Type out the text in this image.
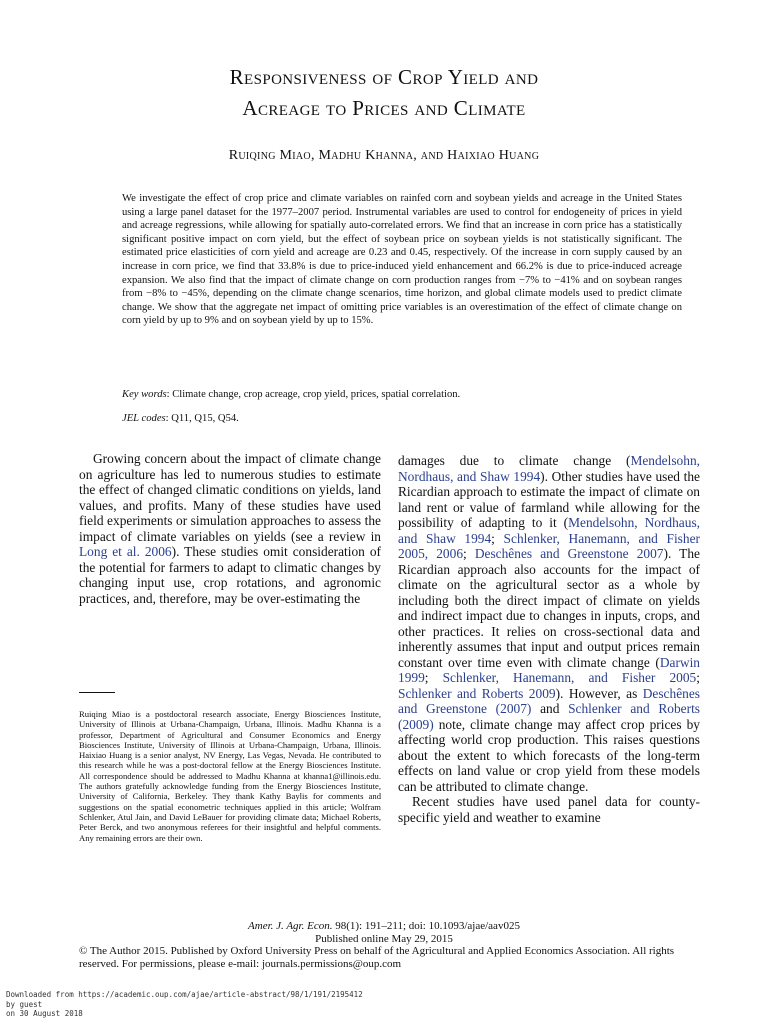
Responsiveness of Crop Yield and
Acreage to Prices and Climate
Ruiqing Miao, Madhu Khanna, and Haixiao Huang
We investigate the effect of crop price and climate variables on rainfed corn and soybean yields and acreage in the United States using a large panel dataset for the 1977–2007 period. Instrumental variables are used to control for endogeneity of prices in yield and acreage regressions, while allowing for spatially auto-correlated errors. We find that an increase in corn price has a statistically significant positive impact on corn yield, but the effect of soybean price on soybean yields is not statistically significant. The estimated price elasticities of corn yield and acreage are 0.23 and 0.45, respectively. Of the increase in corn supply caused by an increase in corn price, we find that 33.8% is due to price-induced yield enhancement and 66.2% is due to price-induced acreage expansion. We also find that the impact of climate change on corn production ranges from −7% to −41% and on soybean ranges from −8% to −45%, depending on the climate change scenarios, time horizon, and global climate models used to predict climate change. We show that the aggregate net impact of omitting price variables is an overestimation of the effect of climate change on corn yield by up to 9% and on soybean yield by up to 15%.
Key words: Climate change, crop acreage, crop yield, prices, spatial correlation.
JEL codes: Q11, Q15, Q54.

Growing concern about the impact of climate change on agriculture has led to numerous studies to estimate the effect of changed climatic conditions on yields, land values, and profits. Many of these studies have used field experiments or simulation approaches to assess the impact of climate variables on yields (see a review in Long et al. 2006). These studies omit consideration of the potential for farmers to adapt to climatic changes by changing input use, crop rotations, and agronomic practices, and, therefore, may be over-estimating the

Ruiqing Miao is a postdoctoral research associate, Energy Biosciences Institute, University of Illinois at Urbana-Champaign, Urbana, Illinois. Madhu Khanna is a professor, Department of Agricultural and Consumer Economics and Energy Biosciences Institute, University of Illinois at Urbana-Champaign, Urbana, Illinois. Haixiao Huang is a senior analyst, NV Energy, Las Vegas, Nevada. He contributed to this research while he was a post-doctoral fellow at the Energy Biosciences Institute. All correspondence should be addressed to Madhu Khanna at khanna1@illinois.edu. The authors gratefully acknowledge funding from the Energy Biosciences Institute, University of California, Berkeley. They thank Kathy Baylis for comments and suggestions on the spatial econometric techniques applied in this article; Wolfram Schlenker, Atul Jain, and David LeBauer for providing climate data; Michael Roberts, Peter Berck, and two anonymous referees for their insightful and helpful comments. Any remaining errors are their own.

damages due to climate change (Mendelsohn, Nordhaus, and Shaw 1994). Other studies have used the Ricardian approach to estimate the impact of climate on land rent or value of farmland while allowing for the possibility of adapting to it (Mendelsohn, Nordhaus, and Shaw 1994; Schlenker, Hanemann, and Fisher 2005, 2006; Deschênes and Greenstone 2007). The Ricardian approach also accounts for the impact of climate on the agricultural sector as a whole by including both the direct impact of climate on yields and indirect impact due to changes in inputs, crops, and other practices. It relies on cross-sectional data and inherently assumes that input and output prices remain constant over time even with climate change (Darwin 1999; Schlenker, Hanemann, and Fisher 2005; Schlenker and Roberts 2009). However, as Deschênes and Greenstone (2007) and Schlenker and Roberts (2009) note, climate change may affect crop prices by affecting world crop production. This raises questions about the extent to which forecasts of the long-term effects on land value or crop yield from these models can be attributed to climate change.

Recent studies have used panel data for county-specific yield and weather to examine

Amer. J. Agr. Econ. 98(1): 191–211; doi: 10.1093/ajae/aav025
Published online May 29, 2015
© The Author 2015. Published by Oxford University Press on behalf of the Agricultural and Applied Economics Association. All rights reserved. For permissions, please e-mail: journals.permissions@oup.com
Downloaded from https://academic.oup.com/ajae/article-abstract/98/1/191/2195412
by guest
on 30 August 2018
